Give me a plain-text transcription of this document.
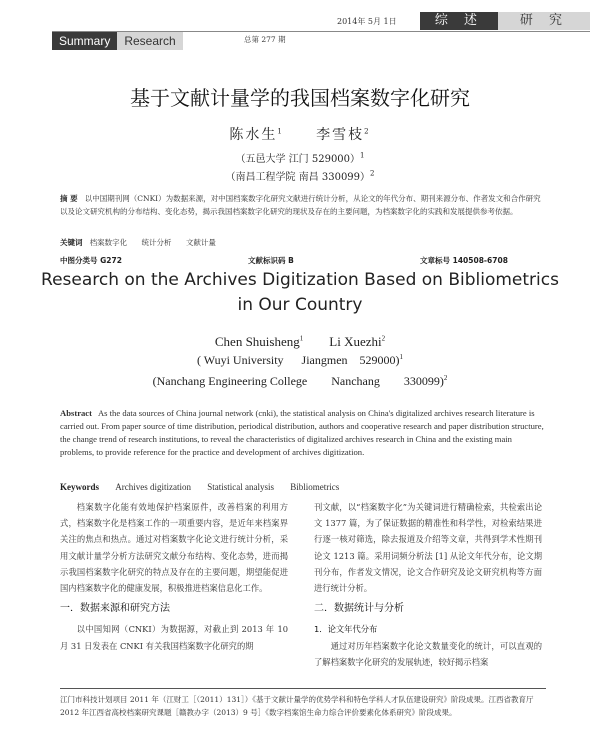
2014年 5月 1日	综 述	研 究
Summary	Research	总第 277 期
基于文献计量学的我国档案数字化研究
陈水生$^1$ 李雪枝$^2$
（五邑大学 江门 529000）$^1$
（南昌工程学院 南昌 330099）$^2$
摘 要 以中国期刊网（CNKI）为数据来源，对中国档案数字化研究文献进行统计分析，从论文的年代分布、期刊来源分布、作者发文和合作研究以及论文研究机构的分布结构、变化态势，揭示我国档案数字化研究的现状及存在的主要问题，为档案数字化的实践和发展提供参考依据。
关键词 档案数字化 统计分析 文献计量
中图分类号 G272	文献标识码 B	文章标号 140508-6708
Research on the Archives Digitization Based on Bibliometrics in Our Country
Chen Shuisheng$^1$ Li Xuezhi$^2$
( Wuyi University      Jiangmen    529000)$^1$
(Nanchang Engineering College        Nanchang        330099)$^2$
Abstract As the data sources of China journal network (cnki), the statistical analysis on China's digitalized archives research literature is carried out. From paper source of time distribution, periodical distribution, authors and cooperative research and paper distribution structure, the change trend of research institutions, to reveal the characteristics of digitalized archives research in China and the existing main problems, to provide reference for the practice and development of archives digitization.
Keywords Archives digitization Statistical analysis Bibliometrics

档案数字化能有效地保护档案原件，改善档案的利用方式，档案数字化是档案工作的一项重要内容，是近年来档案界关注的焦点和热点。通过对档案数字化论文进行统计分析，采用文献计量学分析方法研究文献分布结构、变化态势，进而揭示我国档案数字化研究的特点及存在的主要问题，期望能促进国内档案数字化的健康发展，积极推进档案信息化工作。

一．数据来源和研究方法

以中国知网（CNKI）为数据源，对截止到 2013 年 10 月 31 日发表在 CNKI 有关我国档案数字化研究的期

刊文献，以“档案数字化”为关键词进行精确检索，共检索出论文 1377 篇，为了保证数据的精准性和科学性，对检索结果进行逐一核对筛选，除去报道及介绍等文章，共得到学术性期刊论文 1213 篇。采用词频分析法 [1] 从论文年代分布，论文期刊分布，作者发文情况，论文合作研究及论文研究机构等方面进行统计分析。

二．数据统计与分析

1．论文年代分布

通过对历年档案数字化论文数量变化的统计，可以直观的了解档案数字化研究的发展轨迹，较好揭示档案

江门市科技计划项目 2011 年（江财工［（2011）131］）《基于文献计量学的优势学科和特色学科人才队伍建设研究》阶段成果。江西省教育厅 2012 年江西省高校档案研究课题［赣教办字（2013）9 号］《数字档案馆生命力综合评价要素化体系研究》阶段成果。
